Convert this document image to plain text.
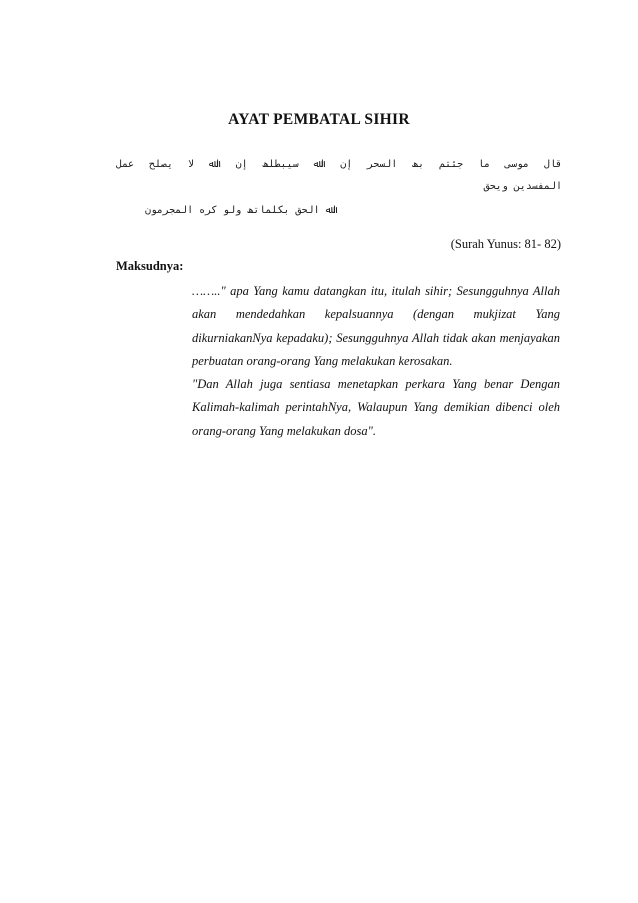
AYAT PEMBATAL SIHIR
ﻗﺎل ﻣﻮﺳﻰ ﻣﺎ ﺟﺌﺘﻢ ﺑﮫ اﻟﺴﺤﺮ إن اﷲ ﺳﯿﺒﻄﻠﮫ إن اﷲ ﻻ ﯾﺼﻠﺢ ﻋﻤﻞ
اﻟﻤﻔﺴﺪﯾﻦ وﯾﺤﻖ
اﷲ اﻟﺤﻖ ﺑﻜﻠﻤﺎﺗﮫ وﻟﻮ ﻛﺮه اﻟﻤﺠﺮﻣﻮن

(Surah Yunus: 81- 82)

Maksudnya:

…….." apa Yang kamu datangkan itu, itulah sihir; Sesungguhnya Allah akan mendedahkan kepalsuannya (dengan mukjizat Yang dikurniakanNya kepadaku); Sesungguhnya Allah tidak akan menjayakan perbuatan orang-orang Yang melakukan kerosakan.

"Dan Allah juga sentiasa menetapkan perkara Yang benar Dengan Kalimah-kalimah perintahNya, Walaupun Yang demikian dibenci oleh orang-orang Yang melakukan dosa".
